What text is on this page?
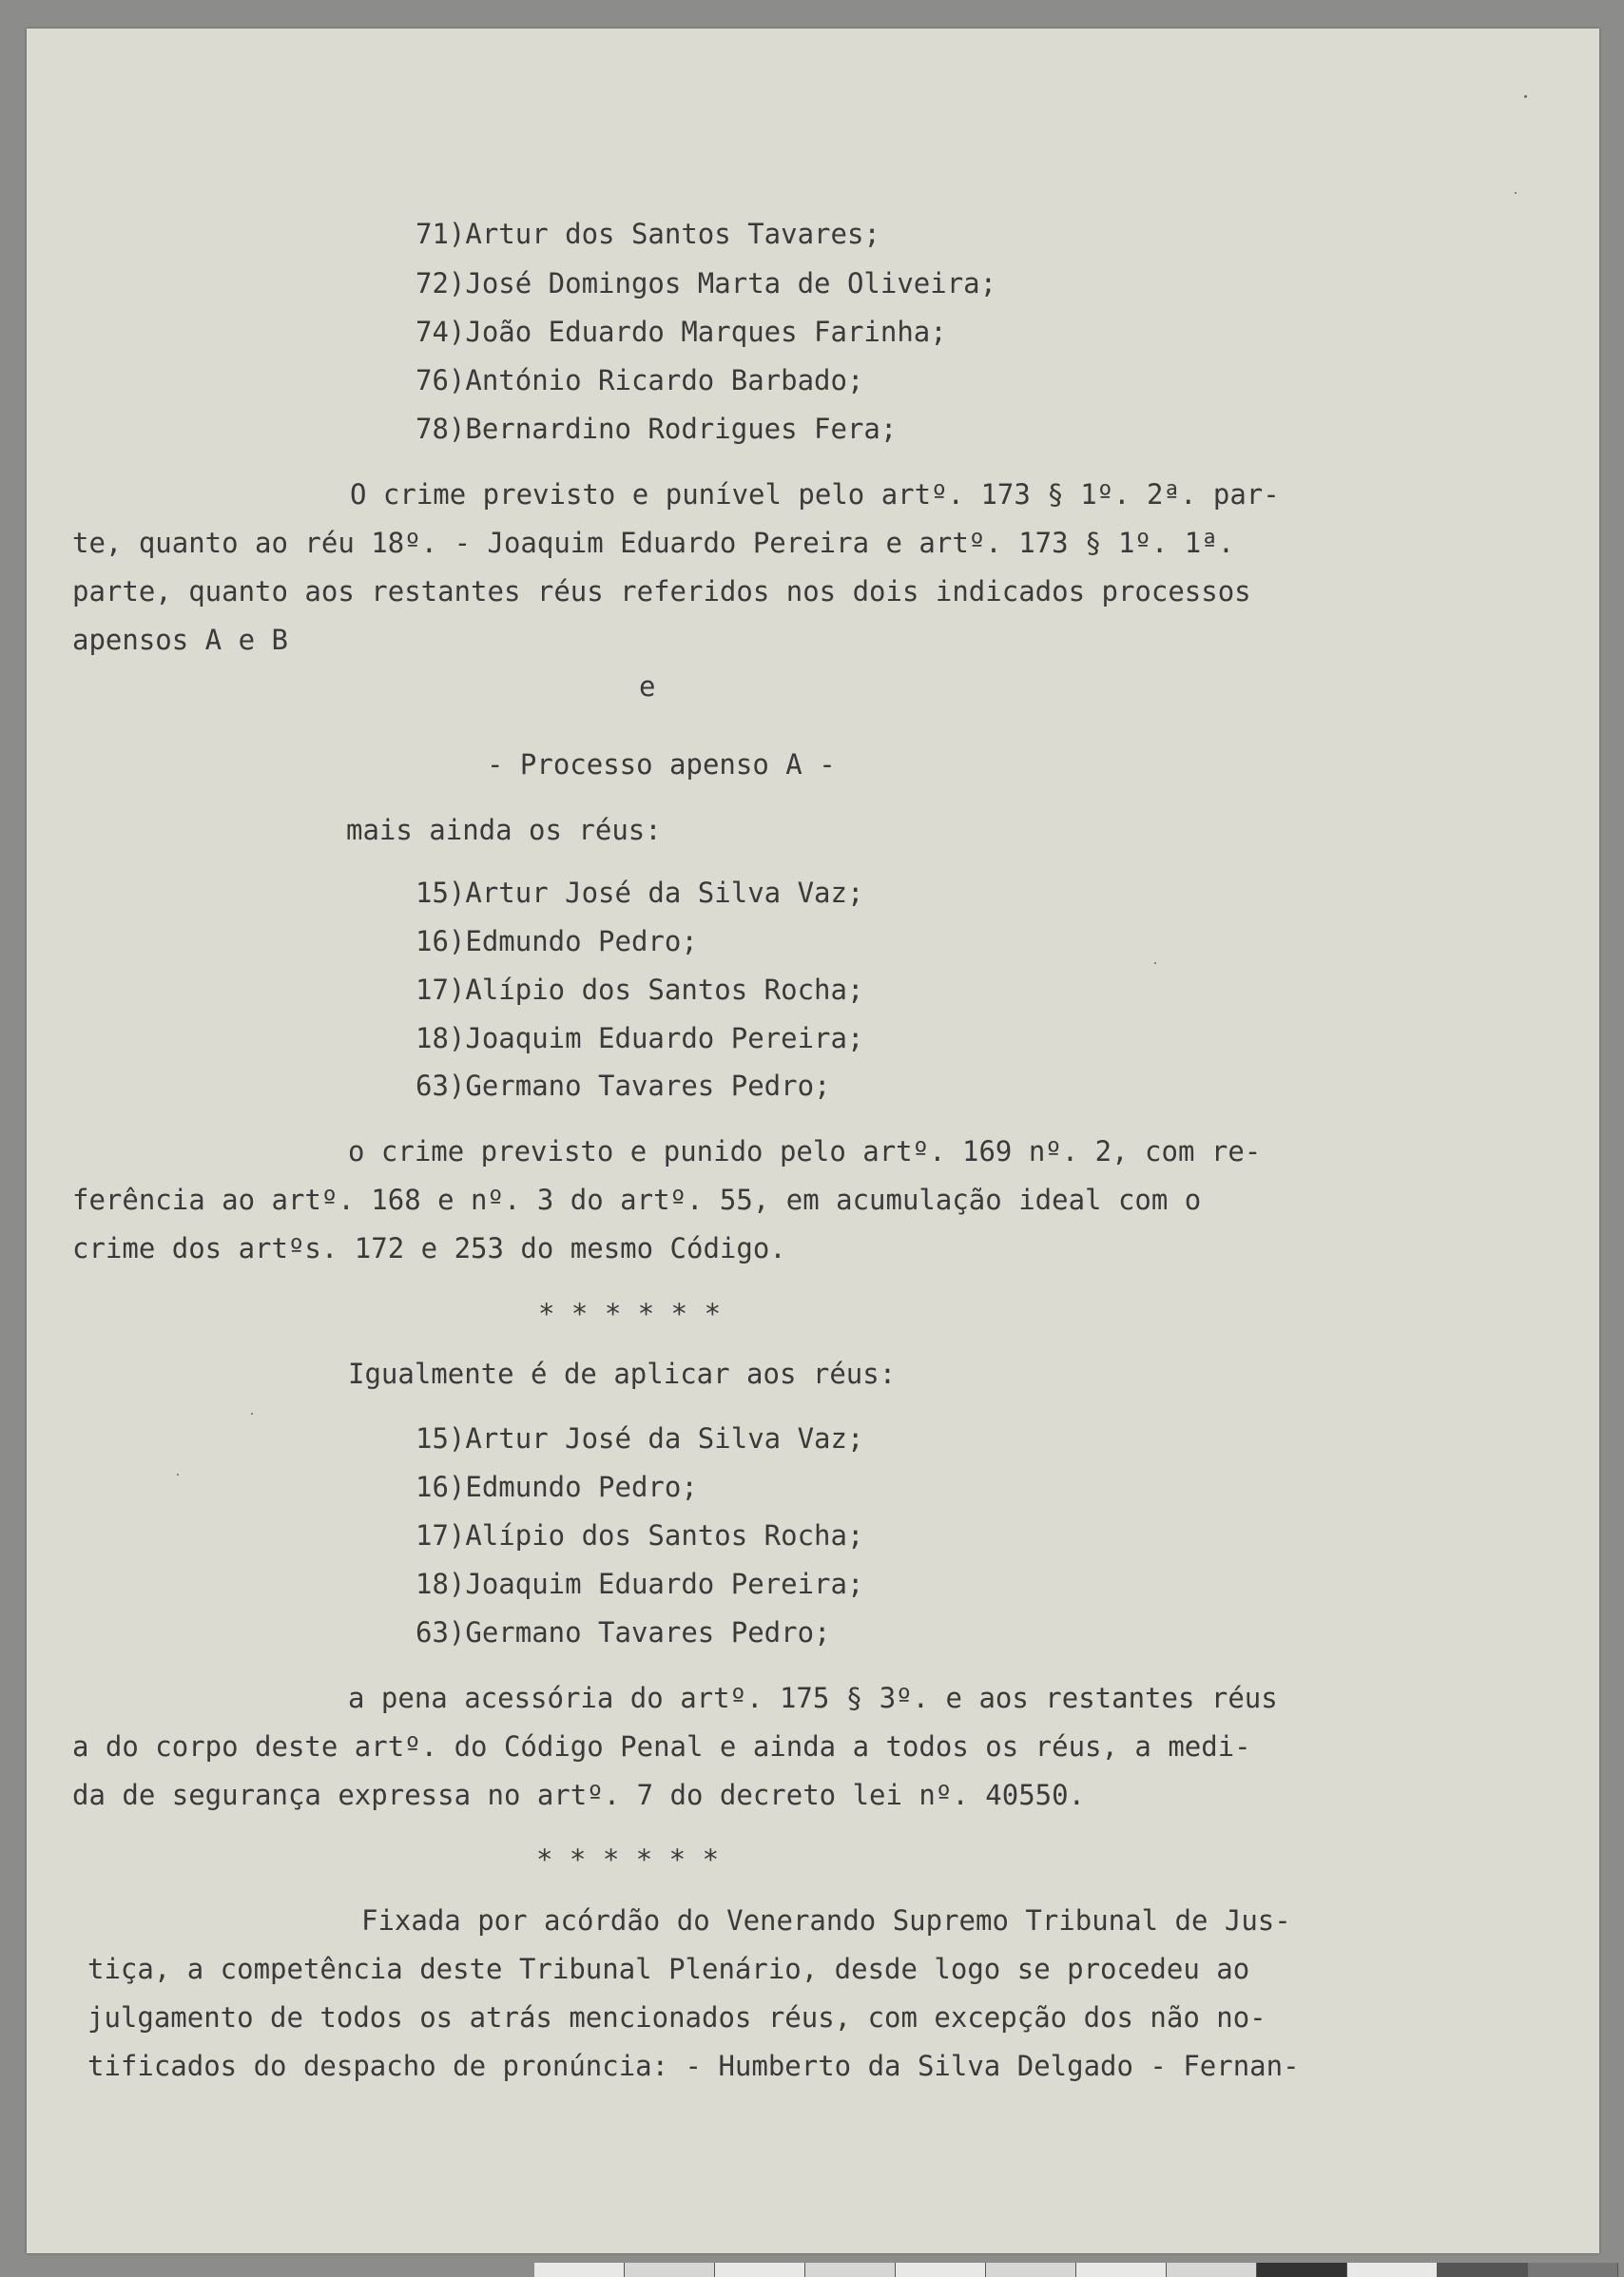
71)Artur dos Santos Tavares;
72)José Domingos Marta de Oliveira;
74)João Eduardo Marques Farinha;
76)António Ricardo Barbado;
78)Bernardino Rodrigues Fera;
O crime previsto e punível pelo artº. 173 § 1º. 2ª. par-
te, quanto ao réu 18º. - Joaquim Eduardo Pereira e artº. 173 § 1º. 1ª.
parte, quanto aos restantes réus referidos nos dois indicados processos
apensos A e B
e
- Processo apenso A -
mais ainda os réus:
15)Artur José da Silva Vaz;
16)Edmundo Pedro;
17)Alípio dos Santos Rocha;
18)Joaquim Eduardo Pereira;
63)Germano Tavares Pedro;
o crime previsto e punido pelo artº. 169 nº. 2, com re-
ferência ao artº. 168 e nº. 3 do artº. 55, em acumulação ideal com o
crime dos artºs. 172 e 253 do mesmo Código.
* * * * * *
Igualmente é de aplicar aos réus:
15)Artur José da Silva Vaz;
16)Edmundo Pedro;
17)Alípio dos Santos Rocha;
18)Joaquim Eduardo Pereira;
63)Germano Tavares Pedro;
a pena acessória do artº. 175 § 3º. e aos restantes réus
a do corpo deste artº. do Código Penal e ainda a todos os réus, a medi-
da de segurança expressa no artº. 7 do decreto lei nº. 40550.
* * * * * *
Fixada por acórdão do Venerando Supremo Tribunal de Jus-
tiça, a competência deste Tribunal Plenário, desde logo se procedeu ao
julgamento de todos os atrás mencionados réus, com excepção dos não no-
tificados do despacho de pronúncia: - Humberto da Silva Delgado - Fernan-
